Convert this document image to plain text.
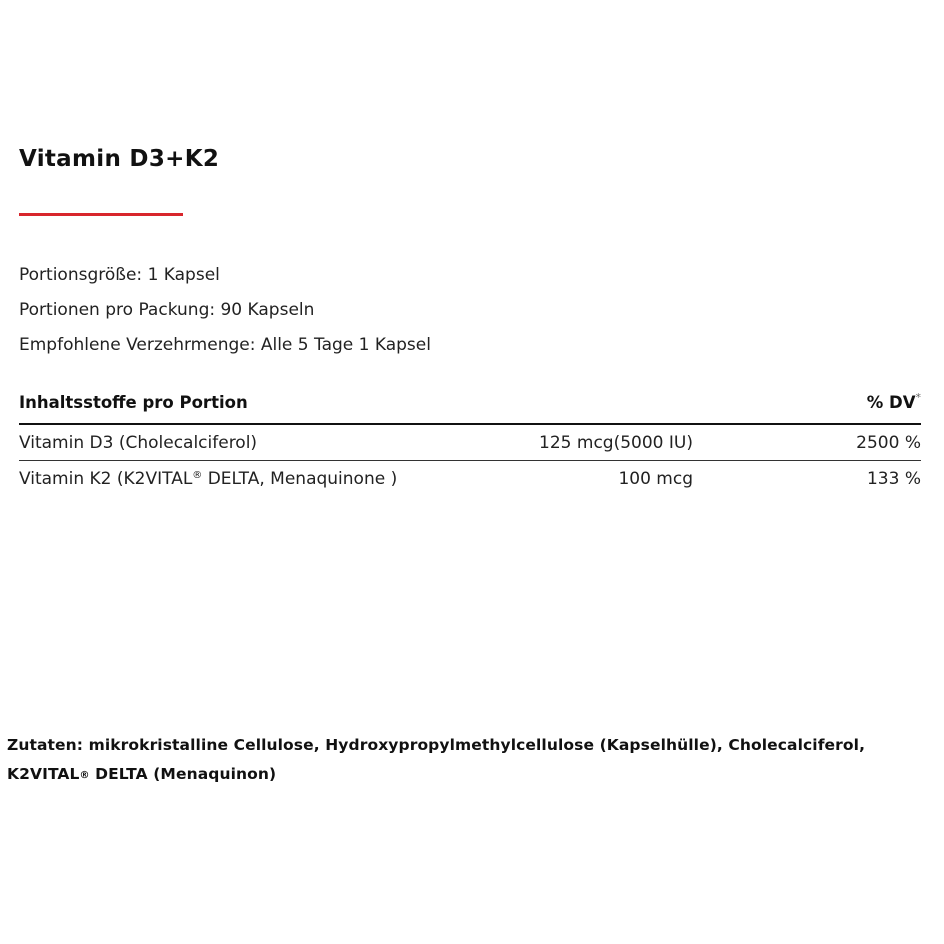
Vitamin D3+K2
Portionsgröße: 1 Kapsel
Portionen pro Packung: 90 Kapseln
Empfohlene Verzehrmenge: Alle 5 Tage 1 Kapsel
Inhaltsstoffe pro Portion		% DV*
Vitamin D3 (Cholecalciferol)	125 mcg(5000 IU)	2500 %
Vitamin K2 (K2VITAL® DELTA, Menaquinone )	100 mcg	133 %
Zutaten: mikrokristalline Cellulose, Hydroxypropylmethylcellulose (Kapselhülle), Cholecalciferol, K2VITAL® DELTA (Menaquinon)
